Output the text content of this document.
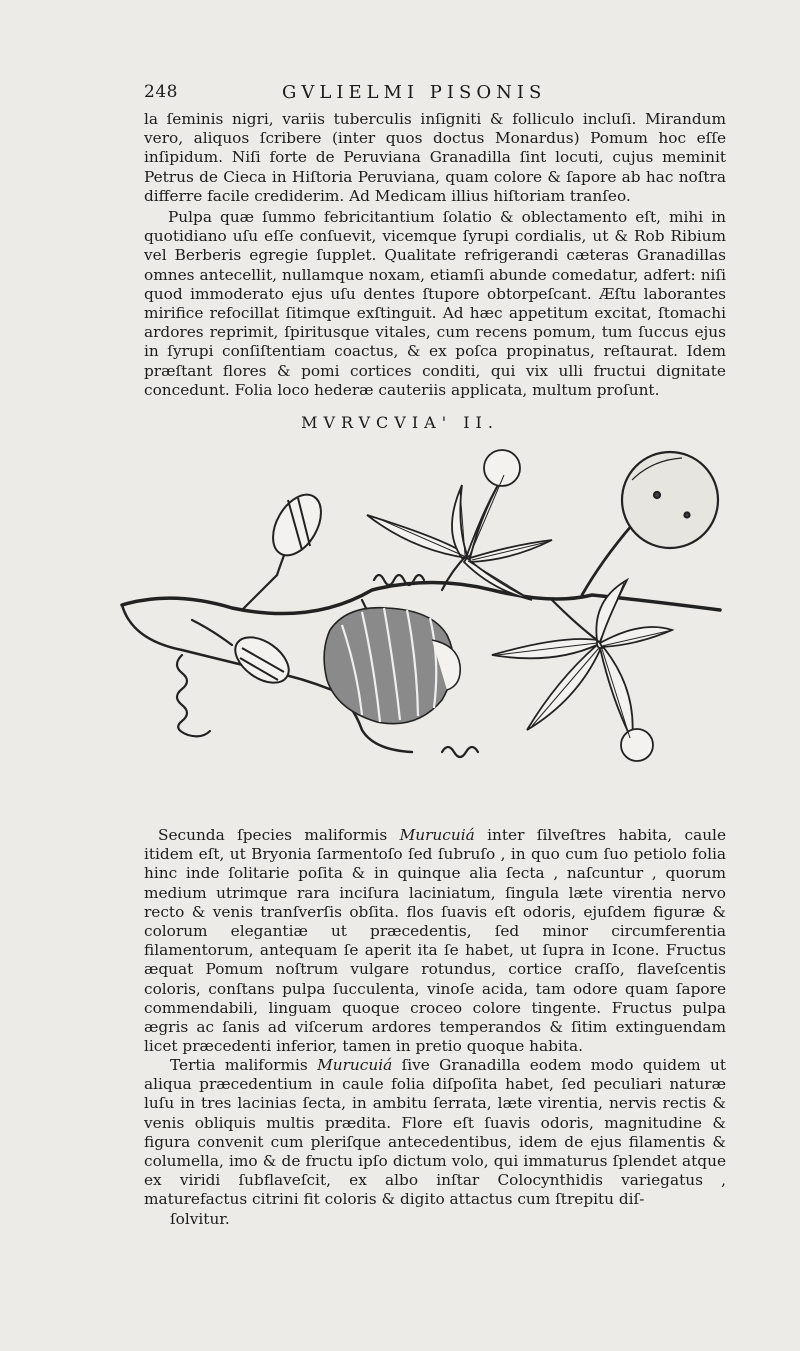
248	GVLIELMI PISONIS

la ſeminis nigri, variis tuberculis inſigniti & folliculo incluſi. Mirandum vero, aliquos ſcribere (inter quos doctus Monardus) Pomum hoc eſſe inſipidum. Niſi forte de Peruviana Granadilla ſint locuti, cujus meminit Petrus de Cieca in Hiſtoria Peruviana, quam colore & ſapore ab hac noſtra differre facile crediderim. Ad Medicam illius hiſtoriam tranſeo.

Pulpa quæ ſummo febricitantium ſolatio & oblectamento eſt, mihi in quotidiano uſu eſſe conſuevit, vicemque ſyrupi cordialis, ut & Rob Ribium vel Berberis egregie ſupplet. Qualitate refrigerandi cæteras Granadillas omnes antecellit, nullamque noxam, etiamſi abunde comedatur, adfert: niſi quod immoderato ejus uſu dentes ſtupore obtorpeſcant. Æſtu laborantes mirifice refocillat ſitimque exſtinguit. Ad hæc appetitum excitat, ſtomachi ardores reprimit, ſpiritusque vitales, cum recens pomum, tum ſuccus ejus in ſyrupi conſiſtentiam coactus, & ex poſca propinatus, reſtaurat. Idem præſtant flores & pomi cortices conditi, qui vix ulli fructui dignitate concedunt. Folia loco hederæ cauteriis applicata, multum proſunt.

MVRVCVIA' II.

Secunda ſpecies maliformis Murucuiá inter ſilveſtres habita, caule itidem eſt, ut Bryonia ſarmentoſo ſed ſubruſo , in quo cum ſuo petiolo folia hinc inde ſolitarie poſita & in quinque alia ſecta , naſcuntur , quorum medium utrimque rara inciſura laciniatum, ſingula læte virentia nervo recto & venis tranſverſis obſita. flos ſuavis eſt odoris, ejuſdem figuræ & colorum elegantiæ ut præcedentis, ſed minor circumferentia filamentorum, antequam ſe aperit ita ſe habet, ut ſupra in Icone. Fructus æquat Pomum noſtrum vulgare rotundus, cortice craſſo, flaveſcentis coloris, conſtans pulpa ſucculenta, vinoſe acida, tam odore quam ſapore commendabili, linguam quoque croceo colore tingente. Fructus pulpa ægris ac ſanis ad viſcerum ardores temperandos & ſitim extinguendam licet præcedenti inferior, tamen in pretio quoque habita.

Tertia maliformis Murucuiá ſive Granadilla eodem modo quidem ut aliqua præcedentium in caule folia diſpoſita habet, ſed peculiari naturæ luſu in tres lacinias ſecta, in ambitu ſerrata, læte virentia, nervis rectis & venis obliquis multis prædita. Flore eſt ſuavis odoris, magnitudine & figura convenit cum pleriſque antecedentibus, idem de ejus filamentis & columella, imo & de fructu ipſo dictum volo, qui immaturus ſplendet atque ex viridi ſubflaveſcit, ex albo inſtar Colocynthidis variegatus , maturefactus citrini fit coloris & digito attactus cum ſtrepitu diſ-
ſolvitur.
